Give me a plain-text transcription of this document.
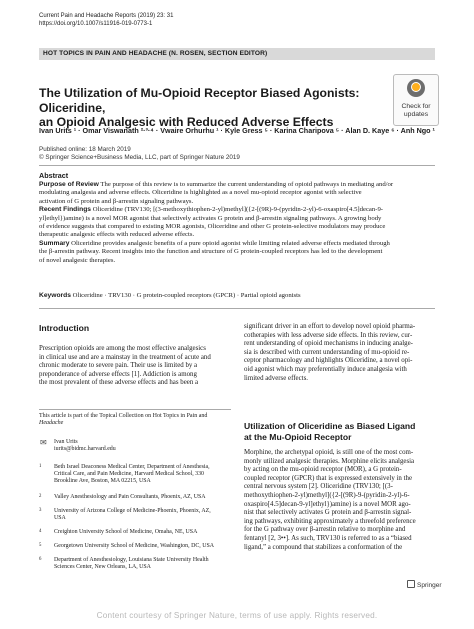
Current Pain and Headache Reports (2019) 23: 31
https://doi.org/10.1007/s11916-019-0773-1
HOT TOPICS IN PAIN AND HEADACHE (N. ROSEN, SECTION EDITOR)
Check for
updates
The Utilization of Mu-Opioid Receptor Biased Agonists: Oliceridine,
an Opioid Analgesic with Reduced Adverse Effects
Ivan Urits ¹ · Omar Viswanath ²·³·⁴ · Vwaire Orhurhu ¹ · Kyle Gress ⁵ · Karina Charipova ⁵ · Alan D. Kaye ⁶ · Anh Ngo ¹
Published online: 18 March 2019
© Springer Science+Business Media, LLC, part of Springer Nature 2019
Abstract
Purpose of Review The purpose of this review is to summarize the current understanding of opioid pathways in mediating and/or
modulating analgesia and adverse effects. Oliceridine is highlighted as a novel mu-opioid receptor agonist with selective
activation of G protein and β-arrestin signaling pathways.
Recent Findings Oliceridine (TRV130; [(3-methoxythiophen-2-yl)methyl]({2-[(9R)-9-(pyridin-2-yl)-6-oxaspiro[4.5]decan-9-
yl]ethyl})amine) is a novel MOR agonist that selectively activates G protein and β-arrestin signaling pathways. A growing body
of evidence suggests that compared to existing MOR agonists, Oliceridine and other G protein-selective modulators may produce
therapeutic analgesic effects with reduced adverse effects.
Summary Oliceridine provides analgesic benefits of a pure opioid agonist while limiting related adverse effects mediated through
the β-arrestin pathway. Recent insights into the function and structure of G protein-coupled receptors has led to the development
of novel analgesic therapies.
Keywords Oliceridine · TRV130 · G protein-coupled receptors (GPCR) · Partial opioid agonists
Introduction
Prescription opioids are among the most effective analgesics
in clinical use and are a mainstay in the treatment of acute and
chronic moderate to severe pain. Their use is limited by a
preponderance of adverse effects [1]. Addiction is among
the most prevalent of these adverse effects and has been a
This article is part of the Topical Collection on Hot Topics in Pain and
Headache
✉ Ivan Urits
iurits@bidmc.harvard.edu
1 Beth Israel Deaconess Medical Center, Department of Anesthesia,
Critical Care, and Pain Medicine, Harvard Medical School, 330
Brookline Ave, Boston, MA 02215, USA
2 Valley Anesthesiology and Pain Consultants, Phoenix, AZ, USA
3 University of Arizona College of Medicine-Phoenix, Phoenix, AZ,
USA
4 Creighton University School of Medicine, Omaha, NE, USA
5 Georgetown University School of Medicine, Washington, DC, USA
6 Department of Anesthesiology, Louisiana State University Health
Sciences Center, New Orleans, LA, USA
significant driver in an effort to develop novel opioid pharma-
cotherapies with less adverse side effects. In this review, cur-
rent understanding of opioid mechanisms in inducing analge-
sia is described with current understanding of mu-opioid re-
ceptor pharmacology and highlights Oliceridine, a novel opi-
oid agonist which may preferentially induce analgesia with
limited adverse effects.
Utilization of Oliceridine as Biased Ligand
at the Mu-Opioid Receptor
Morphine, the archetypal opioid, is still one of the most com-
monly utilized analgesic therapies. Morphine elicits analgesia
by acting on the mu-opioid receptor (MOR), a G protein-
coupled receptor (GPCR) that is expressed extensively in the
central nervous system [2]. Oliceridine (TRV130; [(3-
methoxythiophen-2-yl)methyl]({2-[(9R)-9-(pyridin-2-yl)-6-
oxaspiro[4.5]decan-9-yl]ethyl})amine) is a novel MOR ago-
nist that selectively activates G protein and β-arrestin signal-
ing pathways, exhibiting approximately a threefold preference
for the G pathway over β-arrestin relative to morphine and
fentanyl [2, 3••]. As such, TRV130 is referred to as a “biased
ligand,” a compound that stabilizes a conformation of the
Springer
Content courtesy of Springer Nature, terms of use apply. Rights reserved.
